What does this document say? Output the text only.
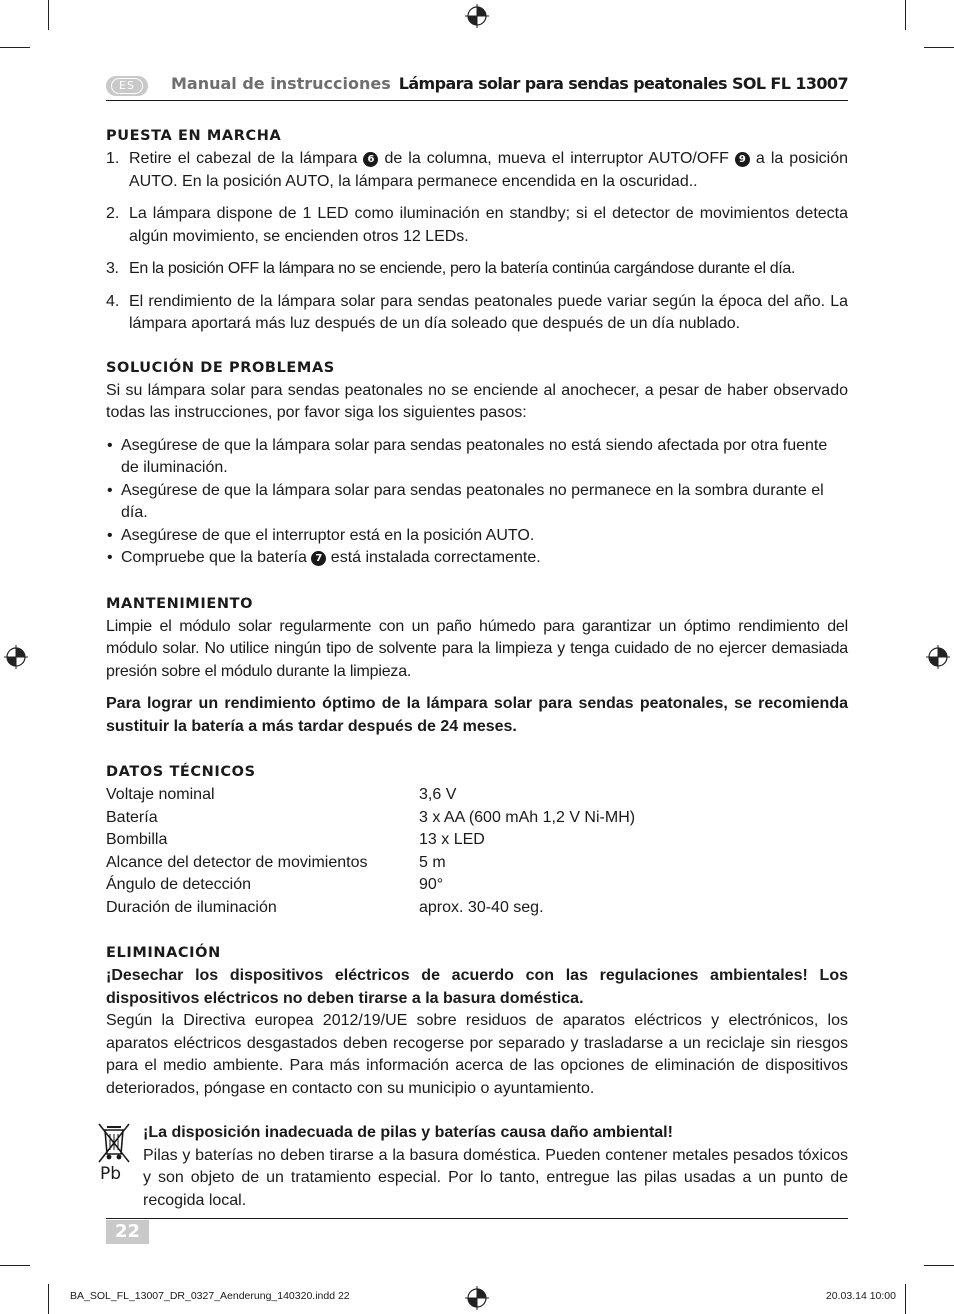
ES	Manual de instrucciones Lámpara solar para sendas peatonales SOL FL 13007
PUESTA EN MARCHA
1. Retire el cabezal de la lámpara 6 de la columna, mueva el interruptor AUTO/OFF 9 a la posición AUTO. En la posición AUTO, la lámpara permanece encendida en la oscuridad..
2. La lámpara dispone de 1 LED como iluminación en standby; si el detector de movimientos detecta algún movimiento, se encienden otros 12 LEDs.
3. En la posición OFF la lámpara no se enciende, pero la batería continúa cargándose durante el día.
4. El rendimiento de la lámpara solar para sendas peatonales puede variar según la época del año. La lámpara aportará más luz después de un día soleado que después de un día nublado.
SOLUCIÓN DE PROBLEMAS

Si su lámpara solar para sendas peatonales no se enciende al anochecer, a pesar de haber observado todas las instrucciones, por favor siga los siguientes pasos:

• Asegúrese de que la lámpara solar para sendas peatonales no está siendo afectada por otra fuente de iluminación.
• Asegúrese de que la lámpara solar para sendas peatonales no permanece en la sombra durante el día.
• Asegúrese de que el interruptor está en la posición AUTO.
• Compruebe que la batería 7 está instalada correctamente.
MANTENIMIENTO

Limpie el módulo solar regularmente con un paño húmedo para garantizar un óptimo rendimiento del módulo solar. No utilice ningún tipo de solvente para la limpieza y tenga cuidado de no ejercer demasiada presión sobre el módulo durante la limpieza.

Para lograr un rendimiento óptimo de la lámpara solar para sendas peatonales, se recomienda sustituir la batería a más tardar después de 24 meses.

DATOS TÉCNICOS
Voltaje nominal	3,6 V
Batería	3 x AA (600 mAh 1,2 V Ni-MH)
Bombilla	13 x LED
Alcance del detector de movimientos	5 m
Ángulo de detección	90°
Duración de iluminación	aprox. 30-40 seg.
ELIMINACIÓN

¡Desechar los dispositivos eléctricos de acuerdo con las regulaciones ambientales! Los dispositivos eléctricos no deben tirarse a la basura doméstica.

Según la Directiva europea 2012/19/UE sobre residuos de aparatos eléctricos y electrónicos, los aparatos eléctricos desgastados deben recogerse por separado y trasladarse a un reciclaje sin riesgos para el medio ambiente. Para más información acerca de las opciones de eliminación de dispositivos deteriorados, póngase en contacto con su municipio o ayuntamiento.

Pb

¡La disposición inadecuada de pilas y baterías causa daño ambiental!

Pilas y baterías no deben tirarse a la basura doméstica. Pueden contener metales pesados tóxicos y son objeto de un tratamiento especial. Por lo tanto, entregue las pilas usadas a un punto de recogida local.

22
BA_SOL_FL_13007_DR_0327_Aenderung_140320.indd 22	20.03.14 10:00
